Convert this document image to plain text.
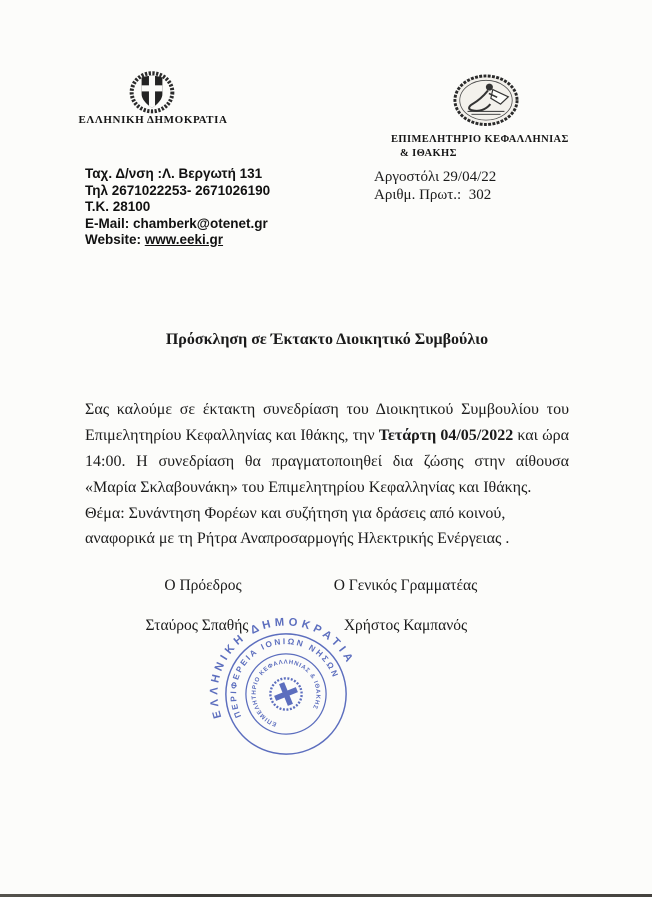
ΕΛΛΗΝΙΚΗ ΔΗΜΟΚΡΑΤΙΑ
ΕΠΙΜΕΛΗΤΗΡΙΟ ΚΕΦΑΛΛΗΝΙΑΣ
& ΙΘΑΚΗΣ
Ταχ. Δ/νση :Λ. Βεργωτή 131
Τηλ 2671022253- 2671026190
Τ.Κ. 28100
E-Mail: chamberk@otenet.gr
Website: www.eeki.gr
Αργοστόλι 29/04/22
Αριθμ. Πρωτ.: 302
Πρόσκληση σε Έκτακτο Διοικητικό Συμβούλιο

Σας καλούμε σε έκτακτη συνεδρίαση του Διοικητικού Συμβουλίου του Επιμελητηρίου Κεφαλληνίας και Ιθάκης, την Τετάρτη 04/05/2022 και ώρα 14:00. Η συνεδρίαση θα πραγματοποιηθεί δια ζώσης στην αίθουσα «Μαρία Σκλαβουνάκη» του Επιμελητηρίου Κεφαλληνίας και Ιθάκης.

Θέμα: Συνάντηση Φορέων και συζήτηση για δράσεις από κοινού, αναφορικά με τη Ρήτρα Αναπροσαρμογής Ηλεκτρικής Ενέργειας .

Ο Πρόεδρος	Ο Γενικός Γραμματέας
Σταύρος Σπαθής	Χρήστος Καμπανός
ΕΛΛΗΝΙΚΗ ΔΗΜΟΚΡΑΤΙΑ
ΠΕΡΙΦΕΡΕΙΑ ΙΟΝΙΩΝ ΝΗΣΩΝ
ΕΠΙΜΕΛΗΤΗΡΙΟ ΚΕΦΑΛΛΗΝΙΑΣ & ΙΘΑΚΗΣ
